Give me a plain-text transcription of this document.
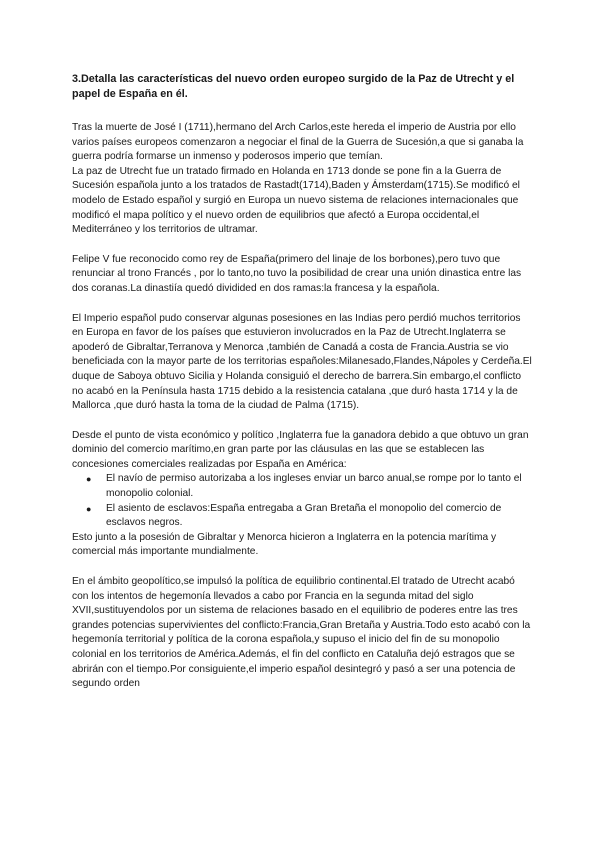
3.Detalla las características del nuevo orden europeo surgido de la Paz de Utrecht y el papel de España en él.

Tras la muerte de José I (1711),hermano del Arch Carlos,este hereda el imperio de Austria por ello varios países europeos comenzaron a negociar el final de la Guerra de Sucesión,a que si ganaba la guerra podría formarse un inmenso y poderosos imperio que temían.

La paz de Utrecht fue un tratado firmado en Holanda en 1713 donde se pone fin a la Guerra de Sucesión española junto a los tratados de Rastadt(1714),Baden y Ámsterdam(1715).Se modificó el modelo de Estado español y surgió en Europa un nuevo sistema de relaciones internacionales que modificó el mapa político y el nuevo orden de equilibrios que afectó a Europa occidental,el Mediterráneo y los territorios de ultramar.

Felipe V fue reconocido como rey de España(primero del linaje de los borbones),pero tuvo que renunciar al trono Francés , por lo tanto,no tuvo la posibilidad de crear una unión dinastica entre las dos coranas.La dinastiía quedó dividided en dos ramas:la francesa y la española.

El Imperio español pudo conservar algunas posesiones en las Indias pero perdió muchos territorios en Europa en favor de los países que estuvieron involucrados en la Paz de Utrecht.Inglaterra se apoderó de Gibraltar,Terranova y Menorca ,también de Canadá a costa de Francia.Austria se vio beneficiada con la mayor parte de los territorias españoles:Milanesado,Flandes,Nápoles y Cerdeña.El duque de Saboya obtuvo Sicilia y Holanda consiguió el derecho de barrera.Sin embargo,el conflicto no acabó en la Península hasta 1715 debido a la resistencia catalana ,que duró hasta 1714 y la de Mallorca ,que duró hasta la toma de la ciudad de Palma (1715).

Desde el punto de vista económico y político ,Inglaterra fue la ganadora debido a que obtuvo un gran dominio del comercio marítimo,en gran parte por las cláusulas en las que se establecen las concesiones comerciales realizadas por España en América:

● El navío de permiso autorizaba a los ingleses enviar un barco anual,se rompe por lo tanto el monopolio colonial.
● El asiento de esclavos:España entregaba a Gran Bretaña el monopolio del comercio de esclavos negros.

Esto junto a la posesión de Gibraltar y Menorca hicieron a Inglaterra en la potencia marítima y comercial más importante mundialmente.

En el ámbito geopolítico,se impulsó la política de equilibrio continental.El tratado de Utrecht acabó con los intentos de hegemonía llevados a cabo por Francia en la segunda mitad del siglo XVII,sustituyendolos por un sistema de relaciones basado en el equilibrio de poderes entre las tres grandes potencias supervivientes del conflicto:Francia,Gran Bretaña y Austria.Todo esto acabó con la hegemonía territorial y política de la corona española,y supuso el inicio del fin de su monopolio colonial en los territorios de América.Además, el fin del conflicto en Cataluña dejó estragos que se abrirán con el tiempo.Por consiguiente,el imperio español desintegró y pasó a ser una potencia de segundo orden
